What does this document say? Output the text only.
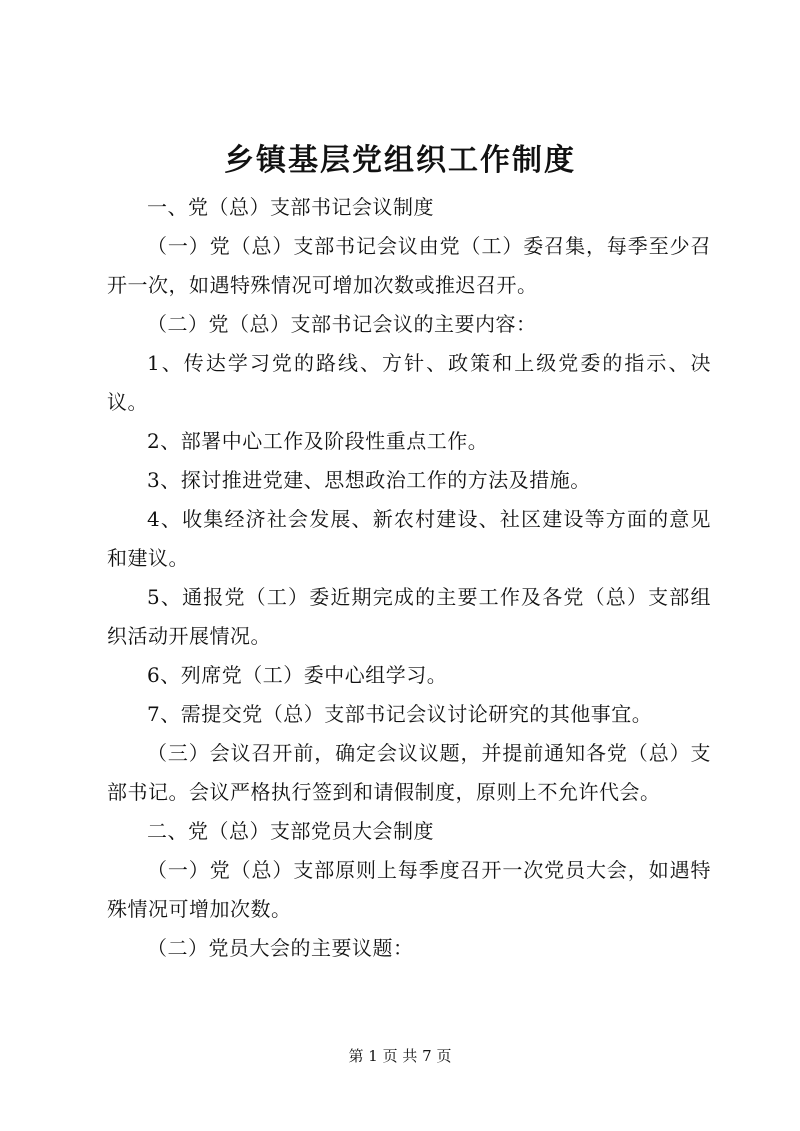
乡镇基层党组织工作制度

一、党（总）支部书记会议制度

（一）党（总）支部书记会议由党（工）委召集，每季至少召开一次，如遇特殊情况可增加次数或推迟召开。

（二）党（总）支部书记会议的主要内容：

1、传达学习党的路线、方针、政策和上级党委的指示、决议。

2、部署中心工作及阶段性重点工作。

3、探讨推进党建、思想政治工作的方法及措施。

4、收集经济社会发展、新农村建设、社区建设等方面的意见和建议。

5、通报党（工）委近期完成的主要工作及各党（总）支部组织活动开展情况。

6、列席党（工）委中心组学习。

7、需提交党（总）支部书记会议讨论研究的其他事宜。

（三）会议召开前，确定会议议题，并提前通知各党（总）支部书记。会议严格执行签到和请假制度，原则上不允许代会。

二、党（总）支部党员大会制度

（一）党（总）支部原则上每季度召开一次党员大会，如遇特殊情况可增加次数。

（二）党员大会的主要议题：

第 1 页 共 7 页
